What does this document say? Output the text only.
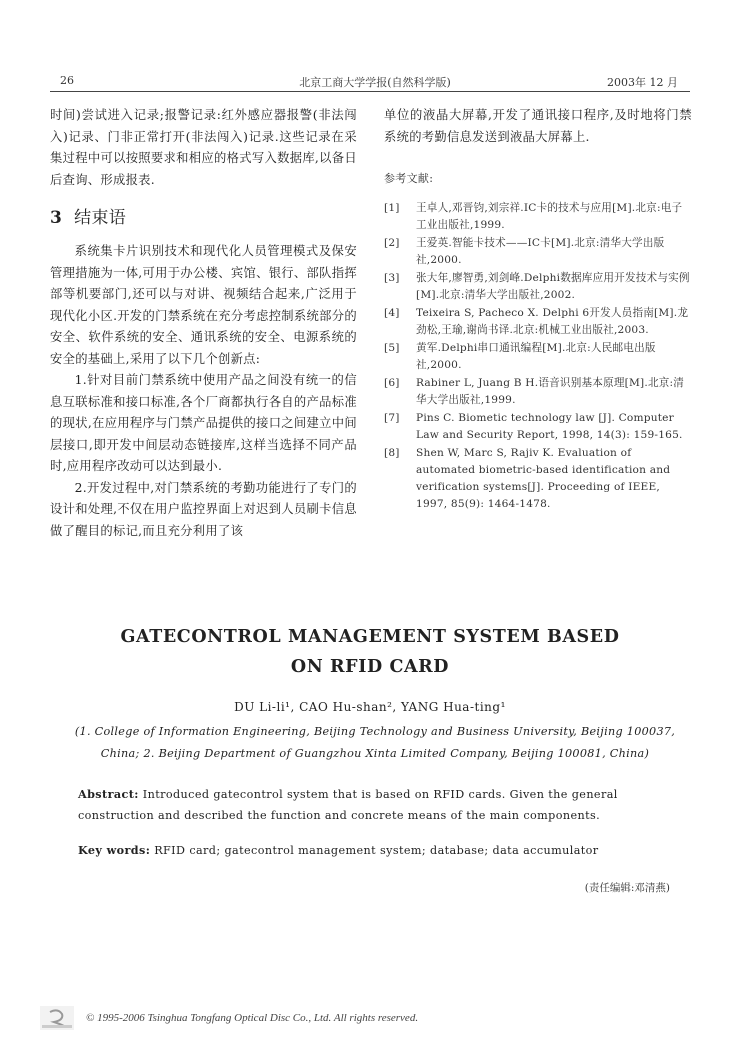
26	北京工商大学学报(自然科学版)	2003年 12 月

时间)尝试进入记录;报警记录:红外感应器报警(非法闯入)记录、门非正常打开(非法闯入)记录.这些记录在采集过程中可以按照要求和相应的格式写入数据库,以备日后查询、形成报表.

3 结束语

系统集卡片识别技术和现代化人员管理模式及保安管理措施为一体,可用于办公楼、宾馆、银行、部队指挥部等机要部门,还可以与对讲、视频结合起来,广泛用于现代化小区.开发的门禁系统在充分考虑控制系统部分的安全、软件系统的安全、通讯系统的安全、电源系统的安全的基础上,采用了以下几个创新点:

1.针对目前门禁系统中使用产品之间没有统一的信息互联标准和接口标准,各个厂商都执行各自的产品标准的现状,在应用程序与门禁产品提供的接口之间建立中间层接口,即开发中间层动态链接库,这样当选择不同产品时,应用程序改动可以达到最小.

2.开发过程中,对门禁系统的考勤功能进行了专门的设计和处理,不仅在用户监控界面上对迟到人员刷卡信息做了醒目的标记,而且充分利用了该

单位的液晶大屏幕,开发了通讯接口程序,及时地将门禁系统的考勤信息发送到液晶大屏幕上.

参考文献:
[1]	王卓人,邓晋钧,刘宗祥.IC卡的技术与应用[M].北京:电子工业出版社,1999.
[2]	王爱英.智能卡技术——IC卡[M].北京:清华大学出版社,2000.
[3]	张大年,廖智勇,刘剑峰.Delphi数据库应用开发技术与实例[M].北京:清华大学出版社,2002.
[4]	Teixeira S, Pacheco X. Delphi 6开发人员指南[M].龙劲松,王瑜,谢尚书译.北京:机械工业出版社,2003.
[5]	黄军.Delphi串口通讯编程[M].北京:人民邮电出版社,2000.
[6]	Rabiner L, Juang B H.语音识别基本原理[M].北京:清华大学出版社,1999.
[7]	Pins C. Biometic technology law [J]. Computer Law and Security Report, 1998, 14(3): 159-165.
[8]	Shen W, Marc S, Rajiv K. Evaluation of automated biometric-based identification and verification systems[J]. Proceeding of IEEE, 1997, 85(9): 1464-1478.
GATECONTROL MANAGEMENT SYSTEM BASED
ON RFID CARD
DU Li-li¹, CAO Hu-shan², YANG Hua-ting¹
(1. College of Information Engineering, Beijing Technology and Business University, Beijing 100037,
China; 2. Beijing Department of Guangzhou Xinta Limited Company, Beijing 100081, China)
Abstract: Introduced gatecontrol system that is based on RFID cards. Given the general construction and described the function and concrete means of the main components.
Key words: RFID card; gatecontrol management system; database; data accumulator
(责任编辑:邓清燕)
© 1995-2006 Tsinghua Tongfang Optical Disc Co., Ltd. All rights reserved.
